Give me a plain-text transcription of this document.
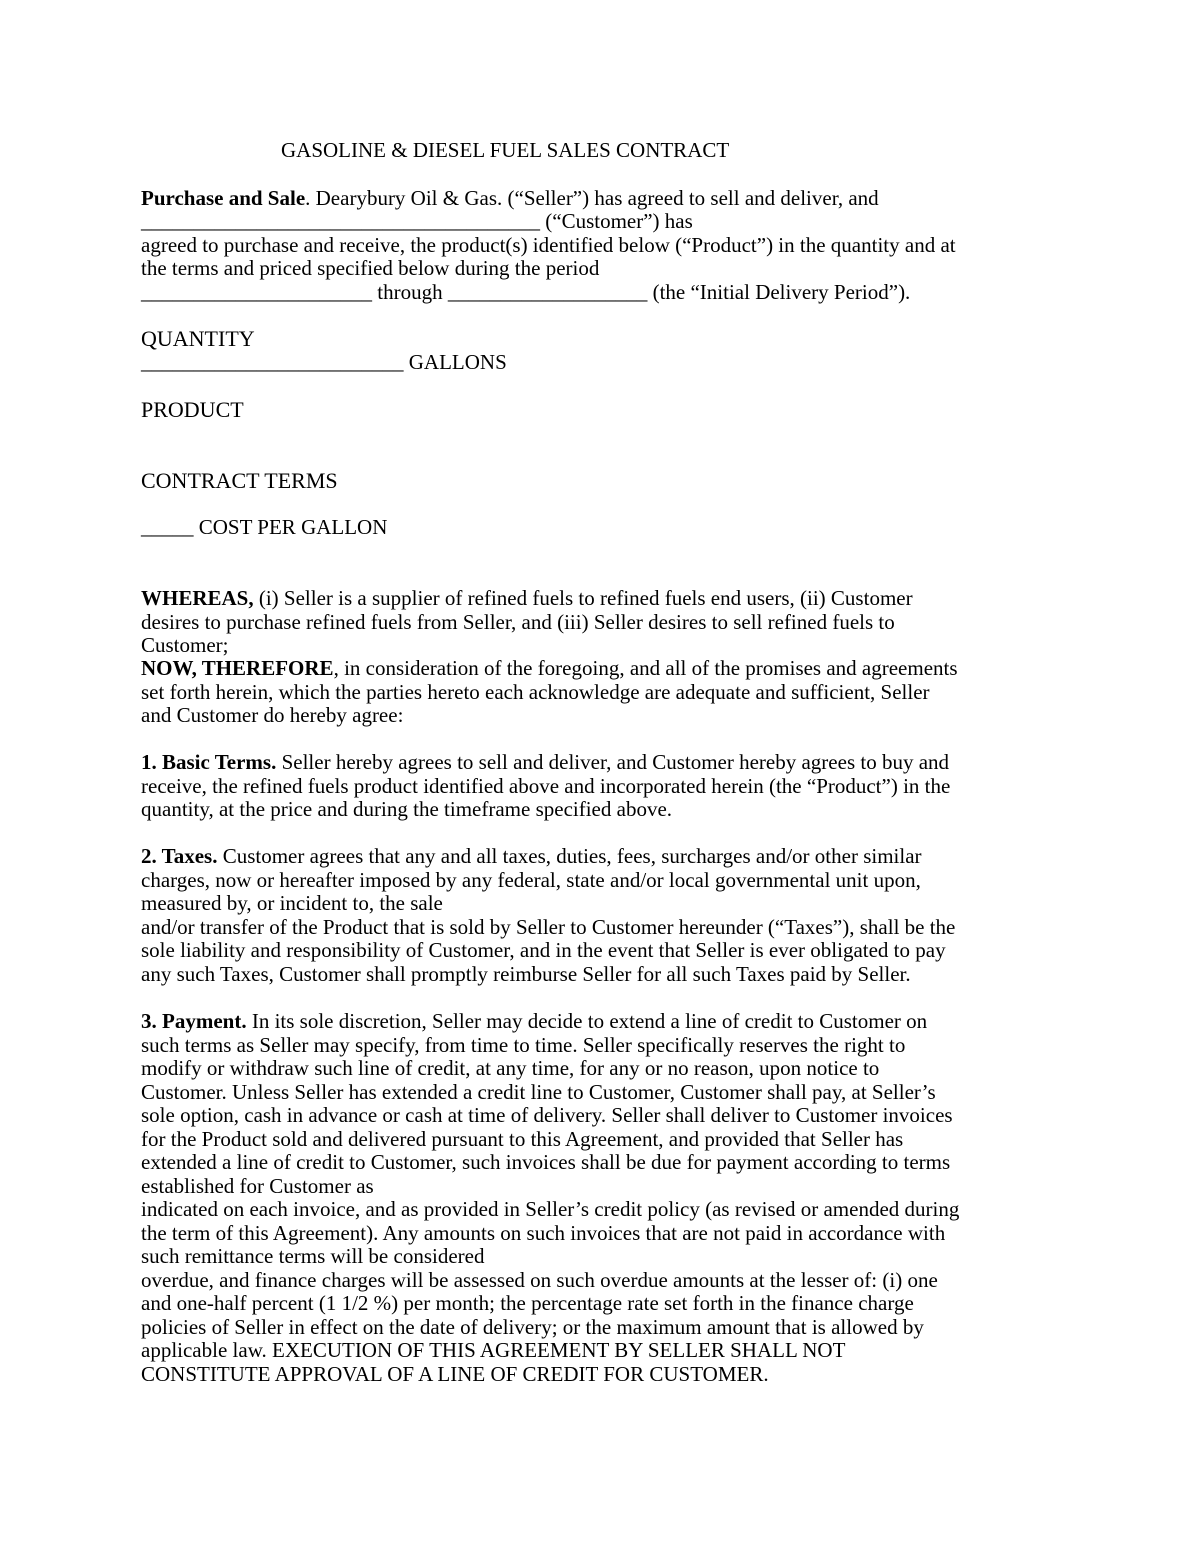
GASOLINE & DIESEL FUEL SALES CONTRACT
Purchase and Sale. Dearybury Oil & Gas. (“Seller”) has agreed to sell and deliver, and
______________________________________ (“Customer”) has
agreed to purchase and receive, the product(s) identified below (“Product”) in the quantity and at
the terms and priced specified below during the period
______________________ through ___________________ (the “Initial Delivery Period”).
QUANTITY
_________________________ GALLONS
PRODUCT
CONTRACT TERMS
_____ COST PER GALLON
WHEREAS, (i) Seller is a supplier of refined fuels to refined fuels end users, (ii) Customer
desires to purchase refined fuels from Seller, and (iii) Seller desires to sell refined fuels to
Customer;
NOW, THEREFORE, in consideration of the foregoing, and all of the promises and agreements
set forth herein, which the parties hereto each acknowledge are adequate and sufficient, Seller
and Customer do hereby agree:
1. Basic Terms. Seller hereby agrees to sell and deliver, and Customer hereby agrees to buy and
receive, the refined fuels product identified above and incorporated herein (the “Product”) in the
quantity, at the price and during the timeframe specified above.
2. Taxes. Customer agrees that any and all taxes, duties, fees, surcharges and/or other similar
charges, now or hereafter imposed by any federal, state and/or local governmental unit upon,
measured by, or incident to, the sale
and/or transfer of the Product that is sold by Seller to Customer hereunder (“Taxes”), shall be the
sole liability and responsibility of Customer, and in the event that Seller is ever obligated to pay
any such Taxes, Customer shall promptly reimburse Seller for all such Taxes paid by Seller.
3. Payment. In its sole discretion, Seller may decide to extend a line of credit to Customer on
such terms as Seller may specify, from time to time. Seller specifically reserves the right to
modify or withdraw such line of credit, at any time, for any or no reason, upon notice to
Customer. Unless Seller has extended a credit line to Customer, Customer shall pay, at Seller’s
sole option, cash in advance or cash at time of delivery. Seller shall deliver to Customer invoices
for the Product sold and delivered pursuant to this Agreement, and provided that Seller has
extended a line of credit to Customer, such invoices shall be due for payment according to terms
established for Customer as
indicated on each invoice, and as provided in Seller’s credit policy (as revised or amended during
the term of this Agreement). Any amounts on such invoices that are not paid in accordance with
such remittance terms will be considered
overdue, and finance charges will be assessed on such overdue amounts at the lesser of: (i) one
and one-half percent (1 1/2 %) per month; the percentage rate set forth in the finance charge
policies of Seller in effect on the date of delivery; or the maximum amount that is allowed by
applicable law. EXECUTION OF THIS AGREEMENT BY SELLER SHALL NOT
CONSTITUTE APPROVAL OF A LINE OF CREDIT FOR CUSTOMER.
